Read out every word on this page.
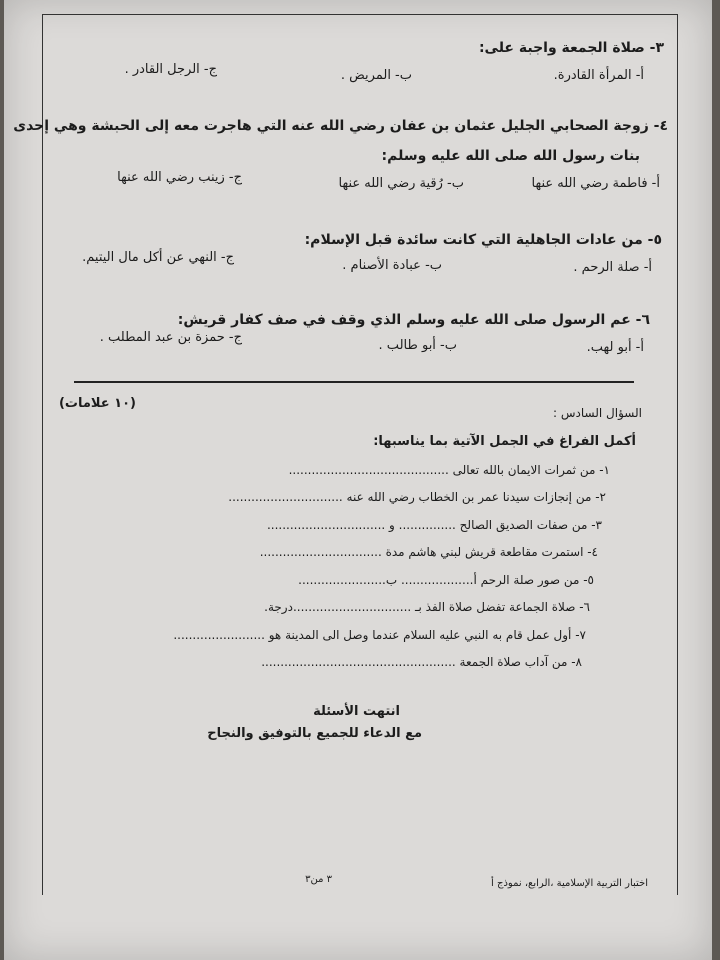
٣- صلاة الجمعة واجبة على:
أ- المرأة القادرة.
ب- المريض .
ج- الرجل القادر .
٤- زوجة الصحابي الجليل عثمان بن عفان رضي الله عنه التي هاجرت معه إلى الحبشة وهي إحدى
بنات رسول الله صلى الله عليه وسلم:
أ- فاطمة رضي الله عنها
ب- رُقية رضي الله عنها
ج- زينب رضي الله عنها
٥- من عادات الجاهلية التي كانت سائدة قبل الإسلام:
أ- صلة الرحم .
ب- عبادة الأصنام .
ج- النهي عن أكل مال اليتيم.
٦- عم الرسول صلى الله عليه وسلم الذي وقف في صف كفار قريش:
أ- أبو لهب.
ب- أبو طالب .
ج- حمزة بن عبد المطلب .
السؤال السادس :
(١٠ علامات)
أكمل الفراغ في الجمل الآتية بما يناسبها:
١- من ثمرات الايمان بالله تعالى ..........................................
٢- من إنجازات سيدنا عمر بن الخطاب رضي الله عنه ..............................
٣- من صفات الصديق الصالح ............... و ...............................
٤- استمرت مقاطعة قريش لبني هاشم مدة ................................
٥- من صور صلة الرحم أ................... ب.......................
٦- صلاة الجماعة تفضل صلاة الفذ بـ ...............................درجة.
٧- أول عمل قام به النبي عليه السلام عندما وصل الى المدينة هو ........................
٨- من آداب صلاة الجمعة ...................................................
انتهت الأسئلة
مع الدعاء للجميع بالتوفيق والنجاح
٣ من٣	اختبار التربية الإسلامية ،الرابع، نموذج أ
